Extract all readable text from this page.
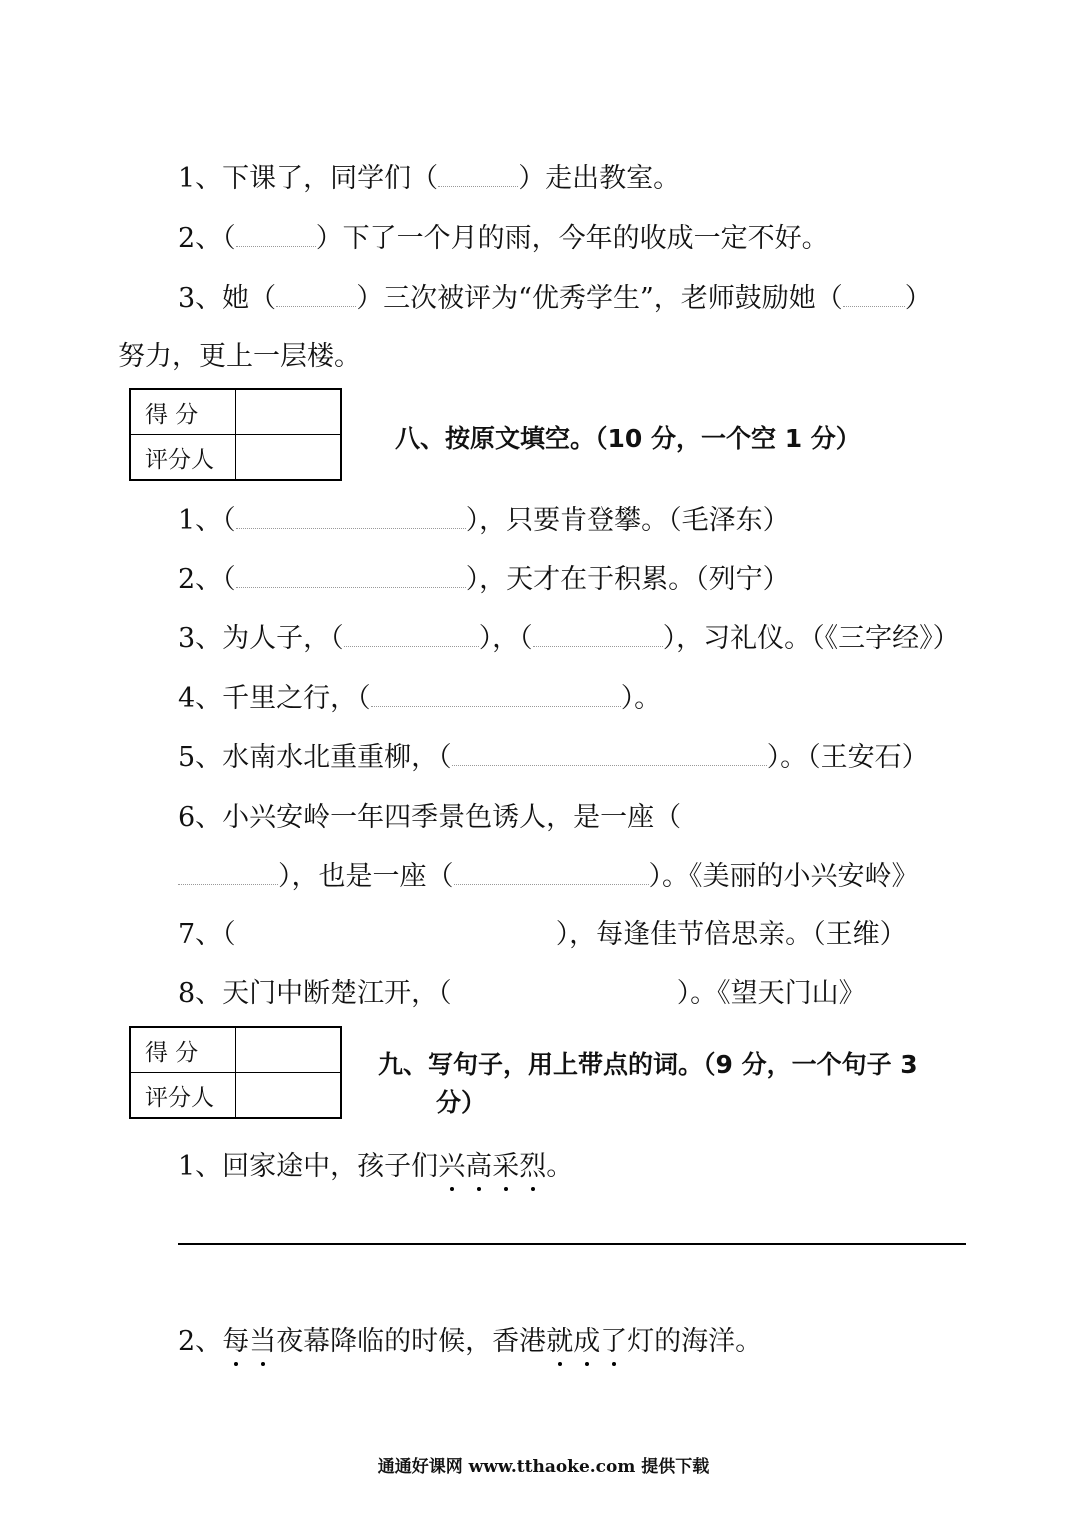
1、下课了，同学们（	）走出教室。
2、（	）下了一个月的雨，今年的收成一定不好。
3、她（	）三次被评为“优秀学生”，老师鼓励她（ ）
努力，更上一层楼。
得 分	
评分人	
八、按原文填空。（10 分，一个空 1 分）
1、（	），只要肯登攀。（毛泽东）
2、（	），天才在于积累。（列宁）
3、为人子，（	），（	），习礼仪。（《三字经》）
4、千里之行，（	）。
5、水南水北重重柳，（	）。（王安石）
6、小兴安岭一年四季景色诱人，是一座（
），也是一座（	）。《美丽的小兴安岭》
7、（	），每逢佳节倍思亲。（王维）
8、天门中断楚江开，（	）。《望天门山》
得 分	
评分人	
九、写句子，用上带点的词。（9 分，一个句子 3
分）
1、回家途中，孩子们兴高采烈。
2、每当夜幕降临的时候，香港就成了灯的海洋。
通通好课网 www.tthaoke.com 提供下载
